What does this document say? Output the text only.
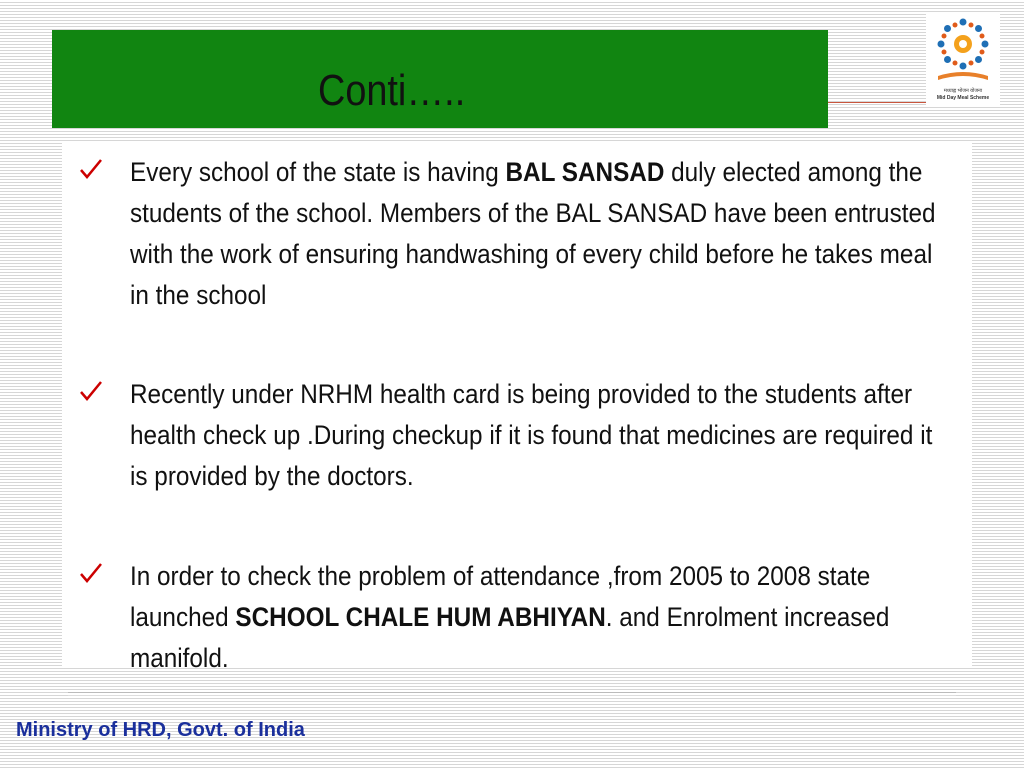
Conti…..	मध्याह्न भोजन योजना
Mid Day Meal Scheme
Every school of the state is having BAL SANSAD duly elected among the students of the school. Members of the BAL SANSAD have been entrusted with the work of ensuring handwashing of every child before he takes meal in the school
Recently under NRHM health card is being provided to the students after health check up .During checkup if it is found that medicines are required it is provided by the doctors.
In order to check the problem of attendance ,from 2005 to 2008 state launched SCHOOL CHALE HUM ABHIYAN. and Enrolment increased manifold.
Ministry of HRD, Govt. of India
